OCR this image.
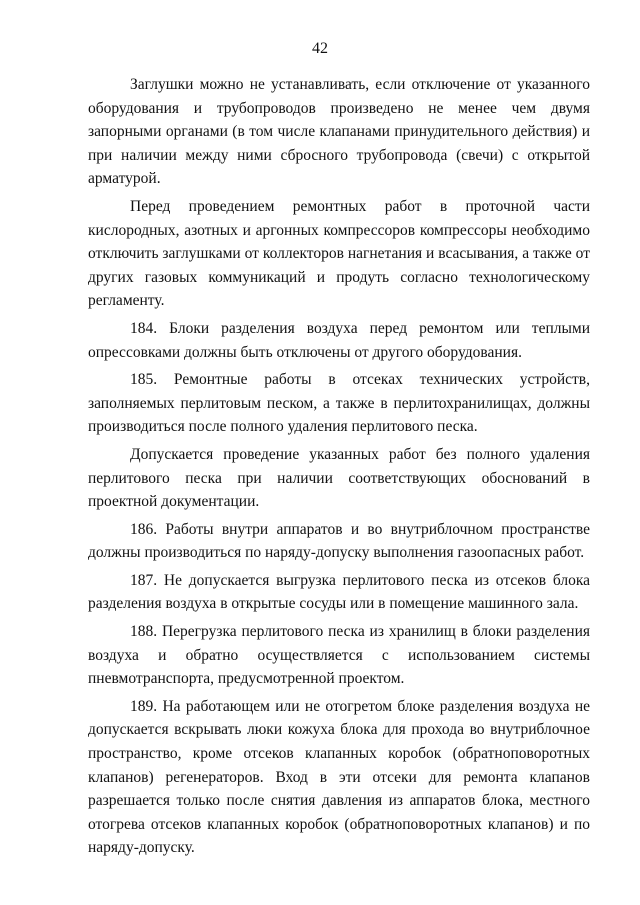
42

Заглушки можно не устанавливать, если отключение от указанного оборудования и трубопроводов произведено не менее чем двумя запорными органами (в том числе клапанами принудительного действия) и при наличии между ними сбросного трубопровода (свечи) с открытой арматурой.

Перед проведением ремонтных работ в проточной части кислородных, азотных и аргонных компрессоров компрессоры необходимо отключить заглушками от коллекторов нагнетания и всасывания, а также от других газовых коммуникаций и продуть согласно технологическому регламенту.

184. Блоки разделения воздуха перед ремонтом или теплыми опрессовками должны быть отключены от другого оборудования.

185. Ремонтные работы в отсеках технических устройств, заполняемых перлитовым песком, а также в перлитохранилищах, должны производиться после полного удаления перлитового песка.

Допускается проведение указанных работ без полного удаления перлитового песка при наличии соответствующих обоснований в проектной документации.

186. Работы внутри аппаратов и во внутриблочном пространстве должны производиться по наряду-допуску выполнения газоопасных работ.

187. Не допускается выгрузка перлитового песка из отсеков блока разделения воздуха в открытые сосуды или в помещение машинного зала.

188. Перегрузка перлитового песка из хранилищ в блоки разделения воздуха и обратно осуществляется с использованием системы пневмотранспорта, предусмотренной проектом.

189. На работающем или не отогретом блоке разделения воздуха не допускается вскрывать люки кожуха блока для прохода во внутриблочное пространство, кроме отсеков клапанных коробок (обратноповоротных клапанов) регенераторов. Вход в эти отсеки для ремонта клапанов разрешается только после снятия давления из аппаратов блока, местного отогрева отсеков клапанных коробок (обратноповоротных клапанов) и по наряду-допуску.
